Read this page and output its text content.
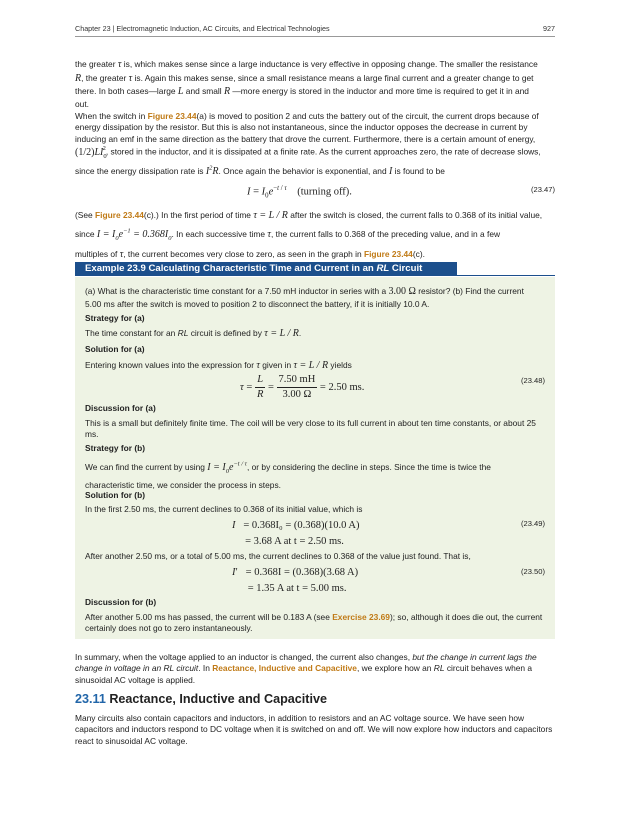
Chapter 23 | Electromagnetic Induction, AC Circuits, and Electrical Technologies	927

the greater τ is, which makes sense since a large inductance is very effective in opposing change. The smaller the resistance
R, the greater τ is. Again this makes sense, since a small resistance means a large final current and a greater change to get
there. In both cases—large L and small R —more energy is stored in the inductor and more time is required to get it in and
out.

When the switch in Figure 23.44(a) is moved to position 2 and cuts the battery out of the circuit, the current drops because of
energy dissipation by the resistor. But this is also not instantaneous, since the inductor opposes the decrease in current by
inducing an emf in the same direction as the battery that drove the current. Furthermore, there is a certain amount of energy,
$(1/2)LI_0^2$, stored in the inductor, and it is dissipated at a finite rate. As the current approaches zero, the rate of decrease slows,
since the energy dissipation rate is $I^2R$. Once again the behavior is exponential, and I is found to be

$I = I_0e^{-t / \tau}$ (turning off).	(23.47)

(See Figure 23.44(c).) In the first period of time τ = L / R after the switch is closed, the current falls to 0.368 of its initial value,
since $I = I_0e^{-1} = 0.368I_0$. In each successive time τ, the current falls to 0.368 of the preceding value, and in a few
multiples of τ, the current becomes very close to zero, as seen in the graph in Figure 23.44(c).

Example 23.9 Calculating Characteristic Time and Current in an RL Circuit

(a) What is the characteristic time constant for a 7.50 mH inductor in series with a 3.00 Ω resistor? (b) Find the current
5.00 ms after the switch is moved to position 2 to disconnect the battery, if it is initially 10.0 A.

Strategy for (a)

The time constant for an RL circuit is defined by τ = L / R.

Solution for (a)

Entering known values into the expression for τ given in τ = L / R yields

$\tau = \frac{L}{R} = \frac{7.50 mH}{3.00 \Omega} = 2.50$ ms.
(23.48)

Discussion for (a)

This is a small but definitely finite time. The coil will be very close to its full current in about ten time constants, or about 25
ms.

Strategy for (b)

We can find the current by using $I = I_0e^{-t / \tau}$, or by considering the decline in steps. Since the time is twice the
characteristic time, we consider the process in steps.

Solution for (b)

In the first 2.50 ms, the current declines to 0.368 of its initial value, which is

I = 0.368I₀ = (0.368)(10.0 A)
= 3.68 A at t = 2.50 ms.
(23.49)

After another 2.50 ms, or a total of 5.00 ms, the current declines to 0.368 of the value just found. That is,

I′   = 0.368I = (0.368)(3.68 A)
= 1.35 A at t = 5.00 ms.
(23.50)

Discussion for (b)

After another 5.00 ms has passed, the current will be 0.183 A (see Exercise 23.69); so, although it does die out, the current
certainly does not go to zero instantaneously.

In summary, when the voltage applied to an inductor is changed, the current also changes, but the change in current lags the
change in voltage in an RL circuit. In Reactance, Inductive and Capacitive, we explore how an RL circuit behaves when a
sinusoidal AC voltage is applied.

23.11 Reactance, Inductive and Capacitive

Many circuits also contain capacitors and inductors, in addition to resistors and an AC voltage source. We have seen how
capacitors and inductors respond to DC voltage when it is switched on and off. We will now explore how inductors and capacitors
react to sinusoidal AC voltage.
